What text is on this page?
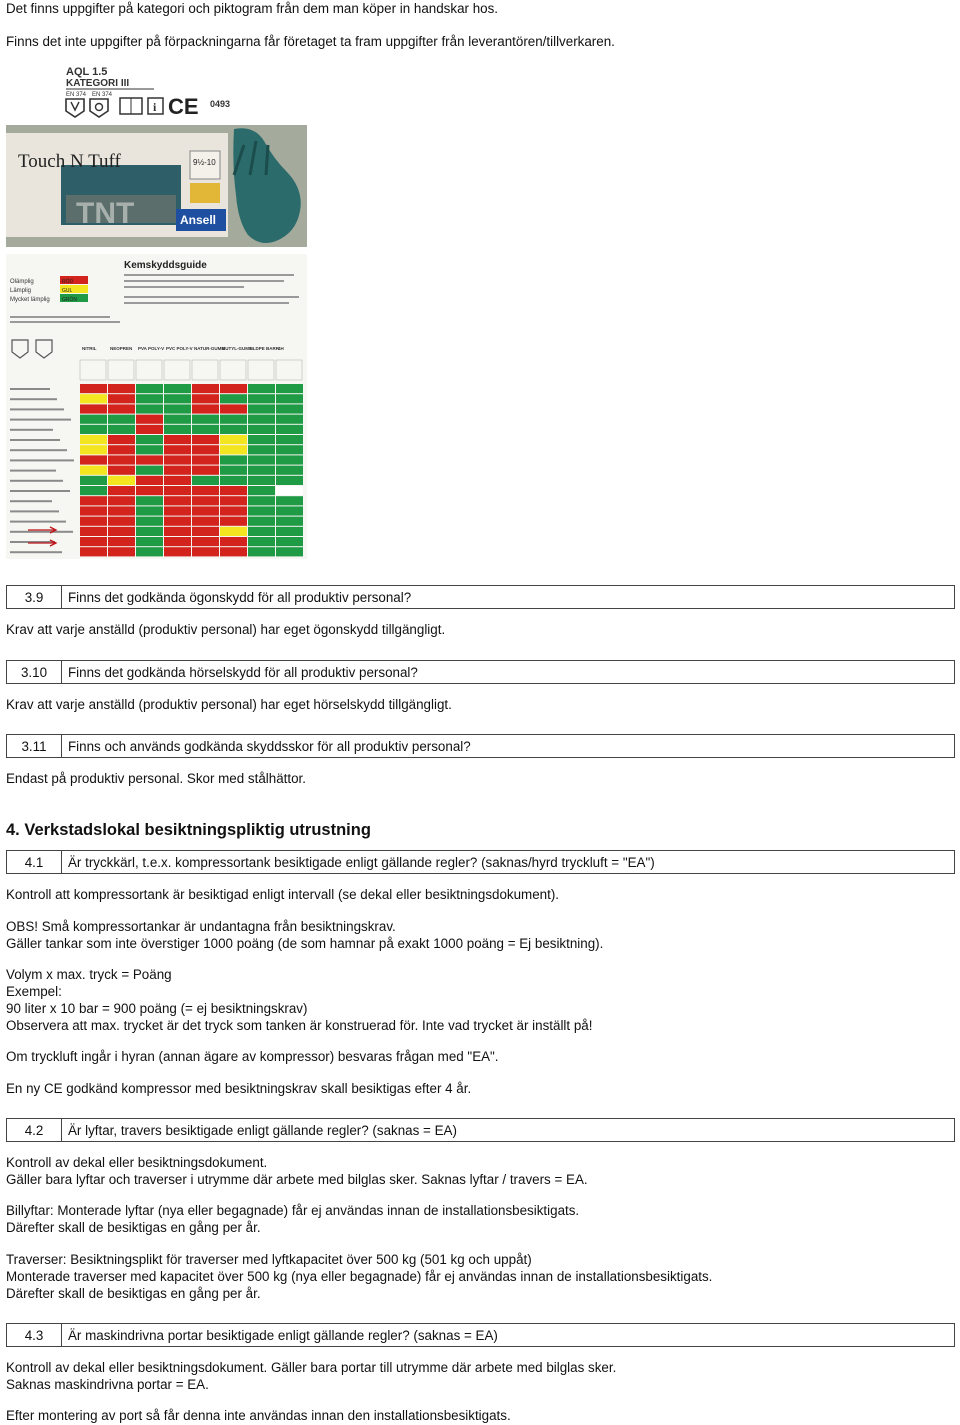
Det finns uppgifter på kategori och piktogram från dem man köper in handskar hos.
Finns det inte uppgifter på förpackningarna får företaget ta fram uppgifter från leverantören/tillverkaren.
AQL 1.5
KATEGORI III
EN 374 EN 374
i CE 0493
TNT
Touch N Tuff	9½-10
Ansell
Kemskyddsguide
Olämplig	RÖD
Lämplig	GUL
Mycket lämplig GRÖN
NITRIL	NEOPREN PVA POLY-V PVC POLY-V NATUR-GUMM
BUTYL-GUMM
LLDPE BARR 4H
3.9	Finns det godkända ögonskydd för all produktiv personal?
Krav att varje anställd (produktiv personal) har eget ögonskydd tillgängligt.
3.10	Finns det godkända hörselskydd för all produktiv personal?
Krav att varje anställd (produktiv personal) har eget hörselskydd tillgängligt.
3.11	Finns och används godkända skyddsskor för all produktiv personal?
Endast på produktiv personal. Skor med stålhättor.
4. Verkstadslokal besiktningspliktig utrustning
4.1	Är tryckkärl, t.e.x. kompressortank besiktigade enligt gällande regler? (saknas/hyrd tryckluft = "EA")
Kontroll att kompressortank är besiktigad enligt intervall (se dekal eller besiktningsdokument).
OBS! Små kompressortankar är undantagna från besiktningskrav.
Gäller tankar som inte överstiger 1000 poäng (de som hamnar på exakt 1000 poäng = Ej besiktning).
Volym x max. tryck = Poäng
Exempel:
90 liter x 10 bar = 900 poäng (= ej besiktningskrav)
Observera att max. trycket är det tryck som tanken är konstruerad för. Inte vad trycket är inställt på!
Om tryckluft ingår i hyran (annan ägare av kompressor) besvaras frågan med "EA".
En ny CE godkänd kompressor med besiktningskrav skall besiktigas efter 4 år.
4.2	Är lyftar, travers besiktigade enligt gällande regler? (saknas = EA)
Kontroll av dekal eller besiktningsdokument.
Gäller bara lyftar och traverser i utrymme där arbete med bilglas sker. Saknas lyftar / travers = EA.
Billyftar: Monterade lyftar (nya eller begagnade) får ej användas innan de installationsbesiktigats.
Därefter skall de besiktigas en gång per år.
Traverser: Besiktningsplikt för traverser med lyftkapacitet över 500 kg (501 kg och uppåt)
Monterade traverser med kapacitet över 500 kg (nya eller begagnade) får ej användas innan de installationsbesiktigats.
Därefter skall de besiktigas en gång per år.
4.3	Är maskindrivna portar besiktigade enligt gällande regler? (saknas = EA)
Kontroll av dekal eller besiktningsdokument. Gäller bara portar till utrymme där arbete med bilglas sker.
Saknas maskindrivna portar = EA.
Efter montering av port så får denna inte användas innan den installationsbesiktigats.
